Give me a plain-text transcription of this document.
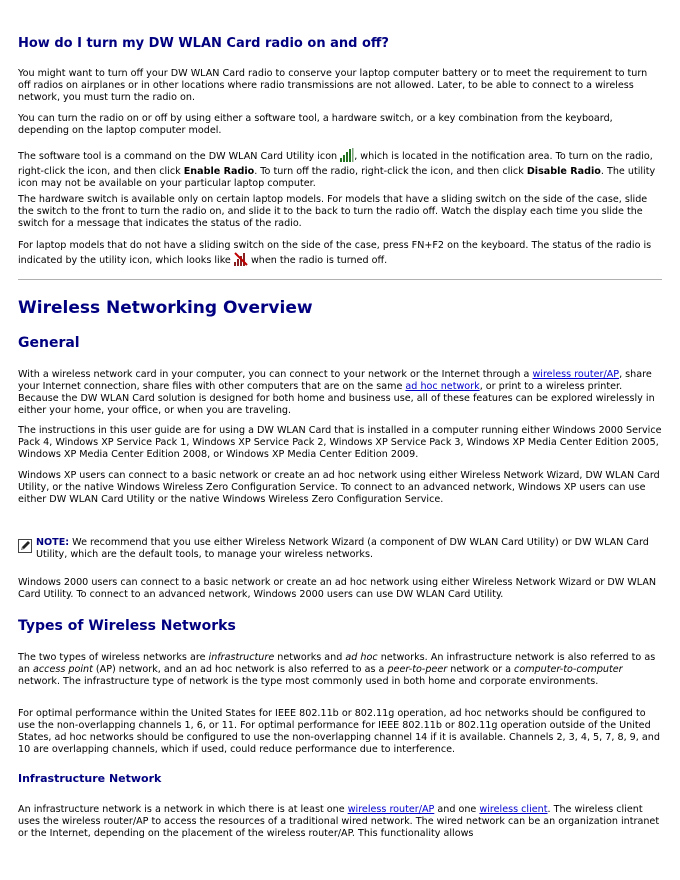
How do I turn my DW WLAN Card radio on and off?

You might want to turn off your DW WLAN Card radio to conserve your laptop computer battery or to meet the requirement to turn off radios on airplanes or in other locations where radio transmissions are not allowed. Later, to be able to connect to a wireless network, you must turn the radio on.

You can turn the radio on or off by using either a software tool, a hardware switch, or a key combination from the keyboard, depending on the laptop computer model.

The software tool is a command on the DW WLAN Card Utility icon , which is located in the notification area. To turn on the radio, right-click the icon, and then click Enable Radio. To turn off the radio, right-click the icon, and then click Disable Radio. The utility icon may not be available on your particular laptop computer.

The hardware switch is available only on certain laptop models. For models that have a sliding switch on the side of the case, slide the switch to the front to turn the radio on, and slide it to the back to turn the radio off. Watch the display each time you slide the switch for a message that indicates the status of the radio.

For laptop models that do not have a sliding switch on the side of the case, press FN+F2 on the keyboard. The status of the radio is indicated by the utility icon, which looks like  when the radio is turned off.

Wireless Networking Overview
General

With a wireless network card in your computer, you can connect to your network or the Internet through a wireless router/AP, share your Internet connection, share files with other computers that are on the same ad hoc network, or print to a wireless printer. Because the DW WLAN Card solution is designed for both home and business use, all of these features can be explored wirelessly in either your home, your office, or when you are traveling.

The instructions in this user guide are for using a DW WLAN Card that is installed in a computer running either Windows 2000 Service Pack 4, Windows XP Service Pack 1, Windows XP Service Pack 2, Windows XP Service Pack 3, Windows XP Media Center Edition 2005, Windows XP Media Center Edition 2008, or Windows XP Media Center Edition 2009.

Windows XP users can connect to a basic network or create an ad hoc network using either Wireless Network Wizard, DW WLAN Card Utility, or the native Windows Wireless Zero Configuration Service. To connect to an advanced network, Windows XP users can use either DW WLAN Card Utility or the native Windows Wireless Zero Configuration Service.

NOTE: We recommend that you use either Wireless Network Wizard (a component of DW WLAN Card Utility) or DW WLAN Card Utility, which are the default tools, to manage your wireless networks.

Windows 2000 users can connect to a basic network or create an ad hoc network using either Wireless Network Wizard or DW WLAN Card Utility. To connect to an advanced network, Windows 2000 users can use DW WLAN Card Utility.

Types of Wireless Networks

The two types of wireless networks are infrastructure networks and ad hoc networks. An infrastructure network is also referred to as an access point (AP) network, and an ad hoc network is also referred to as a peer-to-peer network or a computer-to-computer network. The infrastructure type of network is the type most commonly used in both home and corporate environments.

For optimal performance within the United States for IEEE 802.11b or 802.11g operation, ad hoc networks should be configured to use the non-overlapping channels 1, 6, or 11. For optimal performance for IEEE 802.11b or 802.11g operation outside of the United States, ad hoc networks should be configured to use the non-overlapping channel 14 if it is available. Channels 2, 3, 4, 5, 7, 8, 9, and 10 are overlapping channels, which if used, could reduce performance due to interference.

Infrastructure Network

An infrastructure network is a network in which there is at least one wireless router/AP and one wireless client. The wireless client uses the wireless router/AP to access the resources of a traditional wired network. The wired network can be an organization intranet or the Internet, depending on the placement of the wireless router/AP. This functionality allows
